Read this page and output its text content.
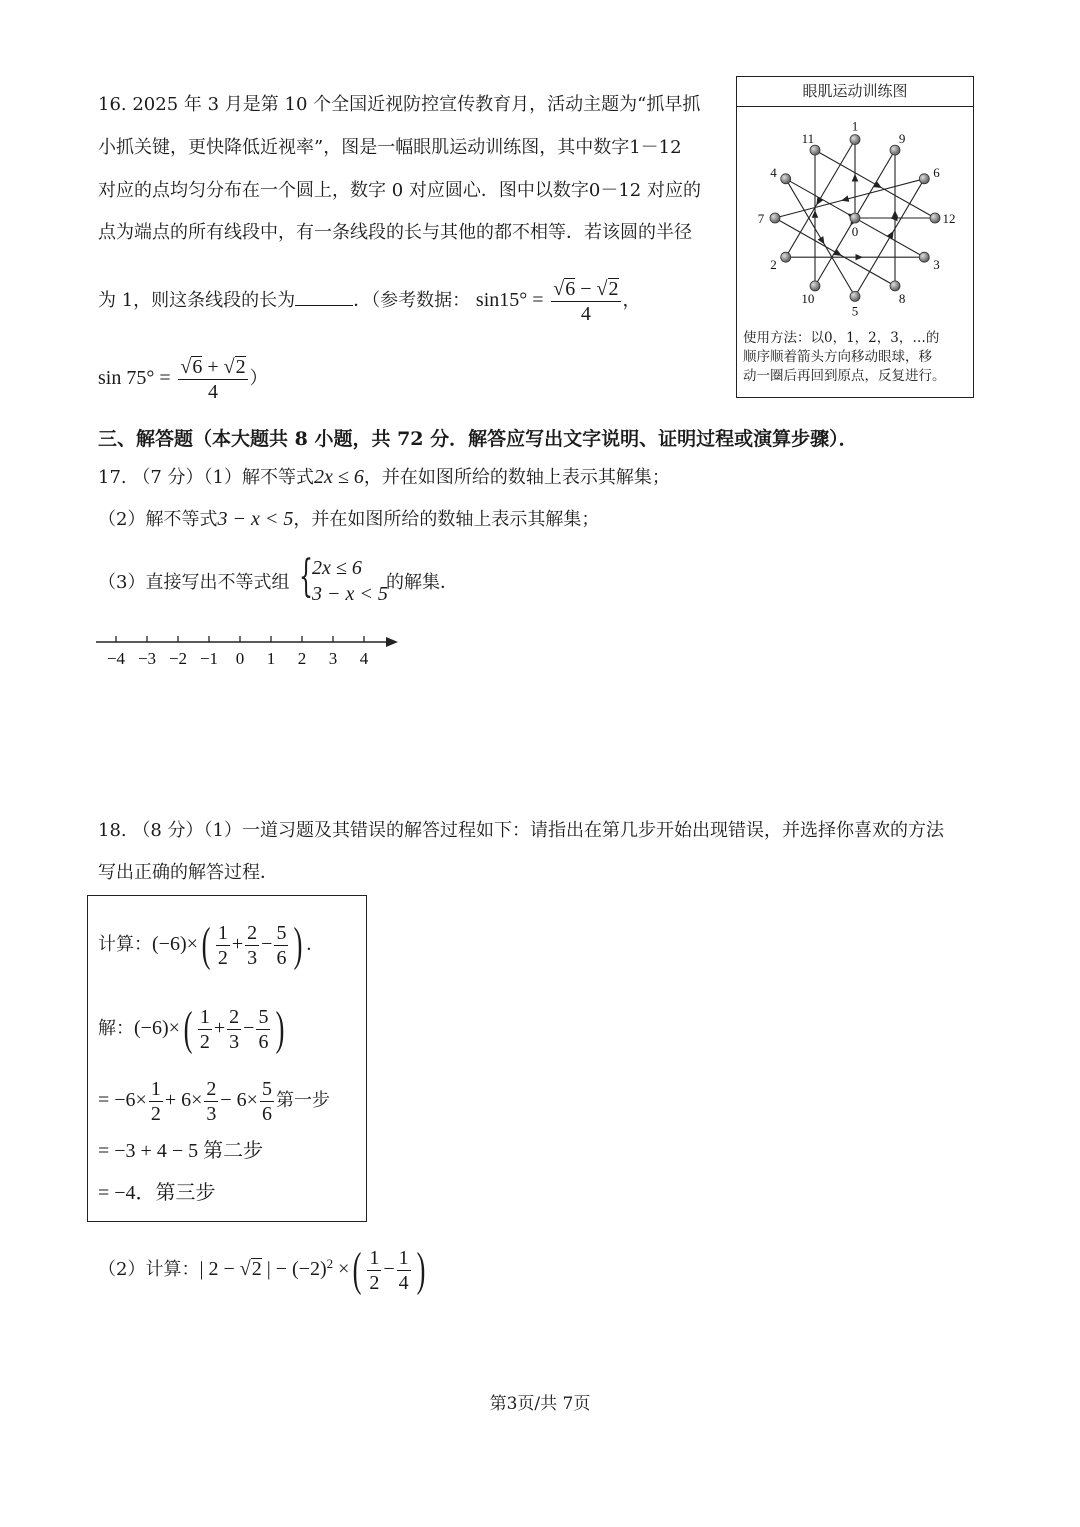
16. 2025 年 3 月是第 10 个全国近视防控宣传教育月，活动主题为“抓早抓
小抓关键，更快降低近视率”，图是一幅眼肌运动训练图，其中数字1－12
对应的点均匀分布在一个圆上，数字 0 对应圆心．图中以数字0－12 对应的
点为端点的所有线段中，有一条线段的长与其他的都不相等．若该圆的半径
为 1，则这条线段的长为	．（参考数据： $\sin 15^\circ = \frac{√6 - √2}{4}$ ，
$\sin 75^\circ = \frac{√6 + √2}{4}$ ）
眼肌运动训练图
0
1
2	3
4
5
6
7
8
9
10
11
12
使用方法：以0，1，2，3，…的
顺序顺着箭头方向移动眼球，移
动一圈后再回到原点，反复进行。
三、解答题（本大题共 8 小题，共 72 分．解答应写出文字说明、证明过程或演算步骤）．
17. （7 分）（1）解不等式2x ≤ 6，并在如图所给的数轴上表示其解集；
（2）解不等式3 − x < 5，并在如图所给的数轴上表示其解集；
（3）直接写出不等式组 { 2x ≤ 6
3 − x < 5
的解集．
−4 −3 −2 −1 0 1 2 3 4
18. （8 分）（1）一道习题及其错误的解答过程如下：请指出在第几步开始出现错误，并选择你喜欢的方法
写出正确的解答过程．
计算：$(-6)\times( \frac{1}{2} + \frac{2}{3} - \frac{5}{6}$ ) .
解：$(-6)\times( \frac{1}{2} + \frac{2}{3} - \frac{5}{6}$ )
= $-6\times \frac{1}{2} + 6\times \frac{2}{3} - 6\times \frac{5}{6}$ 第一步
= −3 + 4 − 5 第二步
= −4．第三步
（2）计算：| 2 − √2 | − $(-2)^2$ ×( $\frac{1}{2} - \frac{1}{4}$ )
第3页/共 7页
